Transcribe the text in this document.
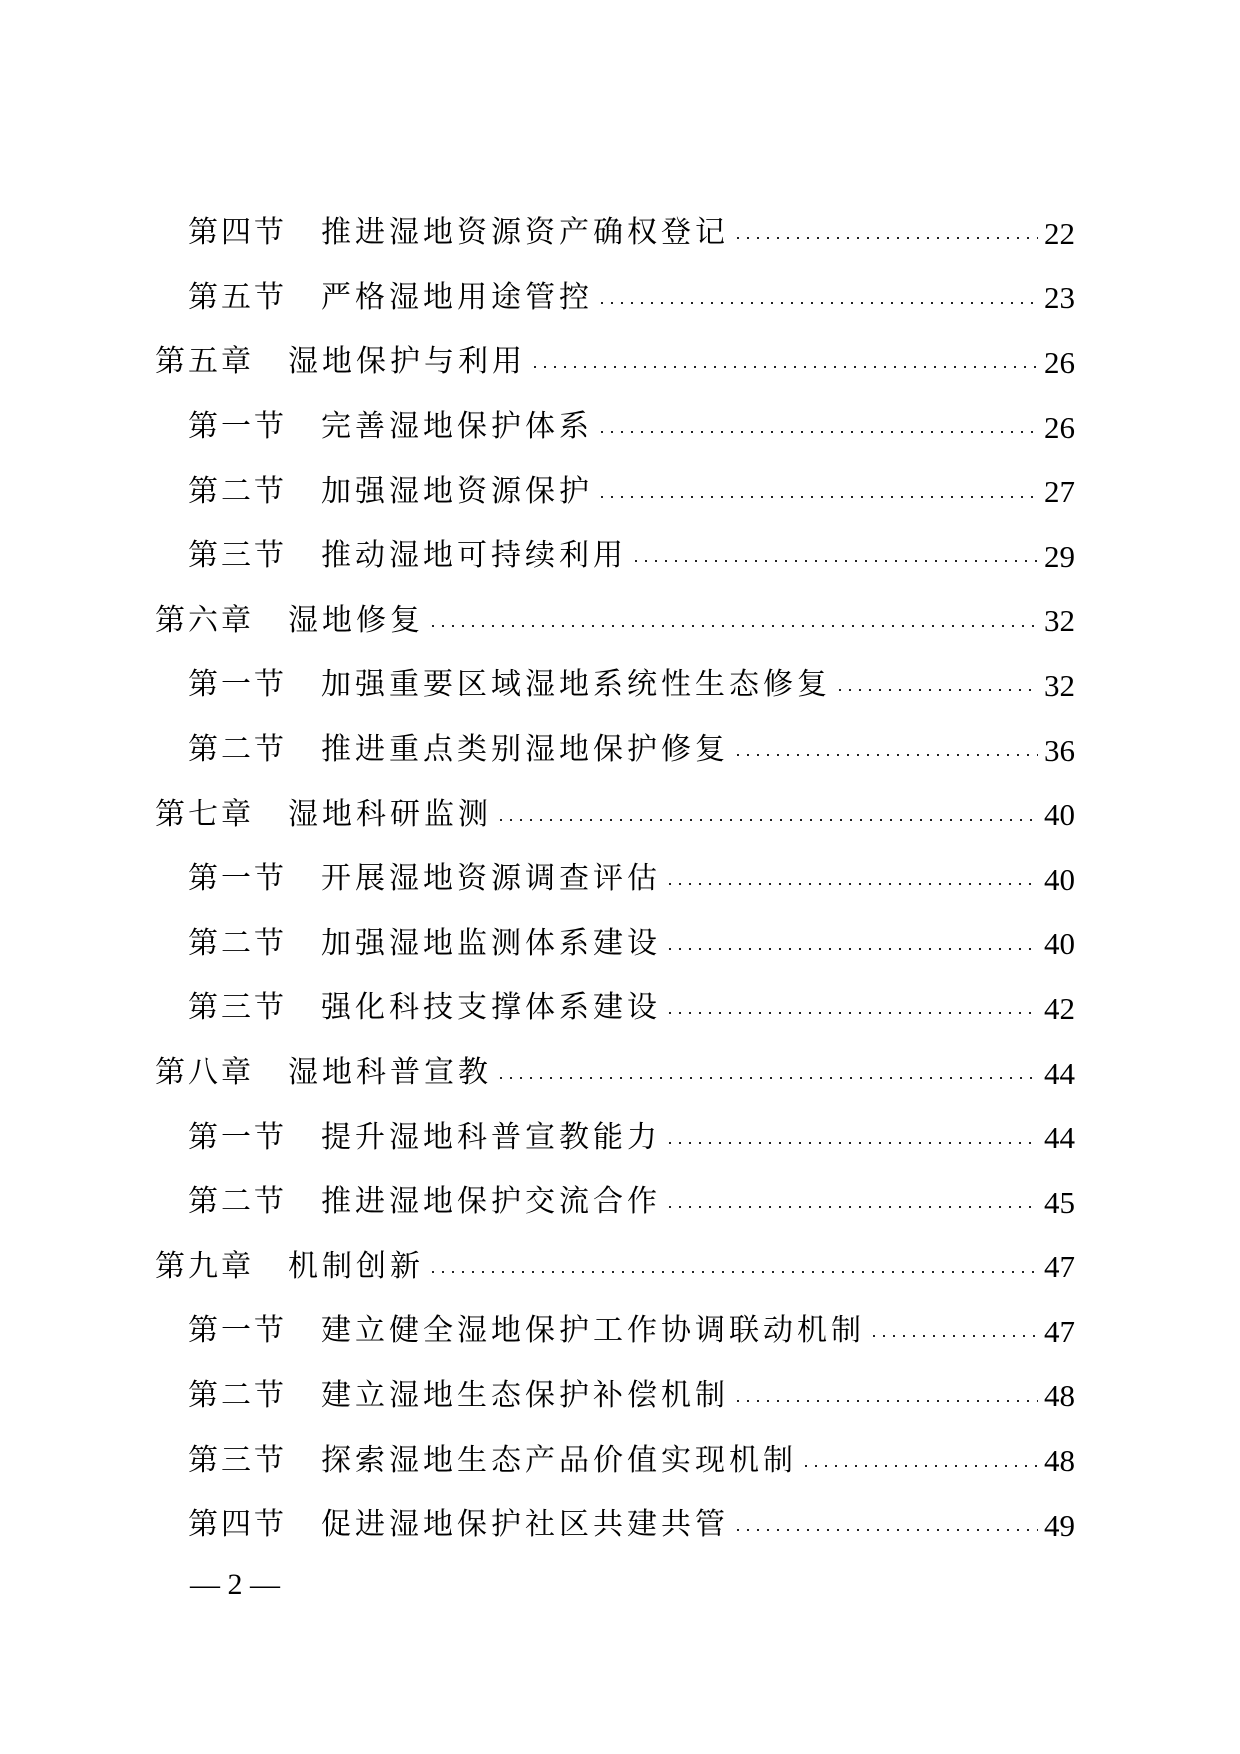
第四节 推进湿地资源资产确权登记	22
第五节 严格湿地用途管控	23
第五章 湿地保护与利用	26
第一节 完善湿地保护体系	26
第二节 加强湿地资源保护	27
第三节 推动湿地可持续利用	29
第六章 湿地修复	32
第一节 加强重要区域湿地系统性生态修复	32
第二节 推进重点类别湿地保护修复	36
第七章 湿地科研监测	40
第一节 开展湿地资源调查评估	40
第二节 加强湿地监测体系建设	40
第三节 强化科技支撑体系建设	42
第八章 湿地科普宣教	44
第一节 提升湿地科普宣教能力	44
第二节 推进湿地保护交流合作	45
第九章 机制创新	47
第一节 建立健全湿地保护工作协调联动机制	47
第二节 建立湿地生态保护补偿机制	48
第三节 探索湿地生态产品价值实现机制	48
第四节 促进湿地保护社区共建共管	49
— 2 —
